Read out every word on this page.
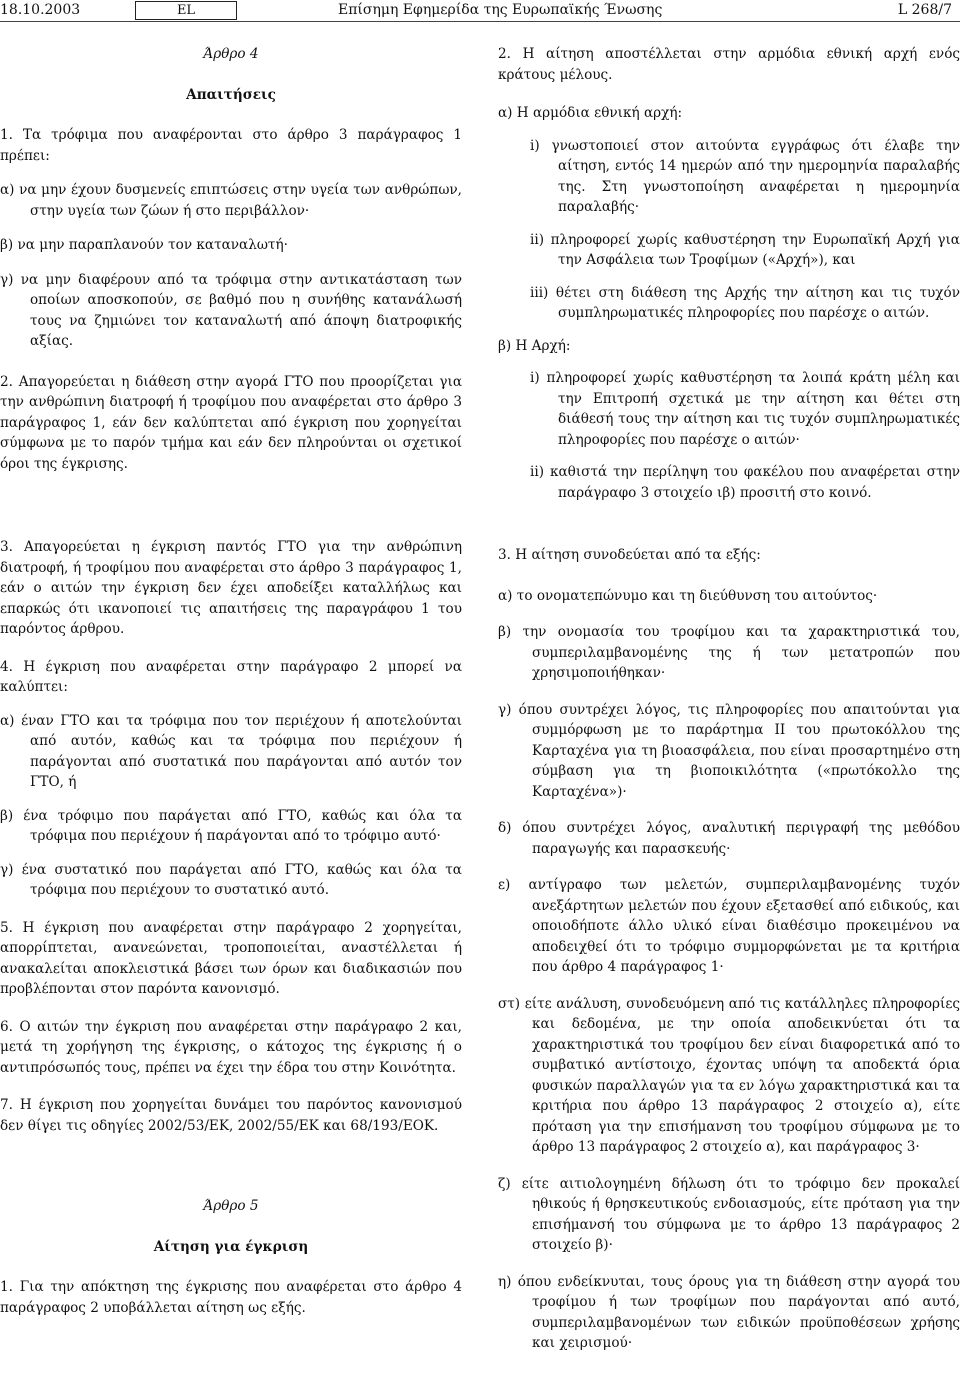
18.10.2003	EL	Επίσημη Εφημερίδα της Ευρωπαϊκής Ένωσης	L 268/7

Άρθρο 4

Απαιτήσεις

1. Τα τρόφιμα που αναφέρονται στο άρθρο 3 παράγραφος 1 πρέπει:

α) να μην έχουν δυσμενείς επιπτώσεις στην υγεία των ανθρώπων, στην υγεία των ζώων ή στο περιβάλλον·

β) να μην παραπλανούν τον καταναλωτή·

γ) να μην διαφέρουν από τα τρόφιμα στην αντικατάσταση των οποίων αποσκοπούν, σε βαθμό που η συνήθης κατανάλωσή τους να ζημιώνει τον καταναλωτή από άποψη διατροφικής αξίας.

2. Απαγορεύεται η διάθεση στην αγορά ΓΤΟ που προορίζεται για την ανθρώπινη διατροφή ή τροφίμου που αναφέρεται στο άρθρο 3 παράγραφος 1, εάν δεν καλύπτεται από έγκριση που χορηγείται σύμφωνα με το παρόν τμήμα και εάν δεν πληρούνται οι σχετικοί όροι της έγκρισης.

2. Η αίτηση αποστέλλεται στην αρμόδια εθνική αρχή ενός κράτους μέλους.

α) Η αρμόδια εθνική αρχή:

i) γνωστοποιεί στον αιτούντα εγγράφως ότι έλαβε την αίτηση, εντός 14 ημερών από την ημερομηνία παραλαβής της. Στη γνωστοποίηση αναφέρεται η ημερομηνία παραλαβής·

ii) πληροφορεί χωρίς καθυστέρηση την Ευρωπαϊκή Αρχή για την Ασφάλεια των Τροφίμων («Αρχή»), και

iii) θέτει στη διάθεση της Αρχής την αίτηση και τις τυχόν συμπληρωματικές πληροφορίες που παρέσχε ο αιτών.

β) Η Αρχή:

i) πληροφορεί χωρίς καθυστέρηση τα λοιπά κράτη μέλη και την Επιτροπή σχετικά με την αίτηση και θέτει στη διάθεσή τους την αίτηση και τις τυχόν συμπληρωματικές πληροφορίες που παρέσχε ο αιτών·

ii) καθιστά την περίληψη του φακέλου που αναφέρεται στην παράγραφο 3 στοιχείο ιβ) προσιτή στο κοινό.

3. Απαγορεύεται η έγκριση παντός ΓΤΟ για την ανθρώπινη διατροφή, ή τροφίμου που αναφέρεται στο άρθρο 3 παράγραφος 1, εάν ο αιτών την έγκριση δεν έχει αποδείξει καταλλήλως και επαρκώς ότι ικανοποιεί τις απαιτήσεις της παραγράφου 1 του παρόντος άρθρου.

4. Η έγκριση που αναφέρεται στην παράγραφο 2 μπορεί να καλύπτει:

α) έναν ΓΤΟ και τα τρόφιμα που τον περιέχουν ή αποτελούνται από αυτόν, καθώς και τα τρόφιμα που περιέχουν ή παράγονται από συστατικά που παράγονται από αυτόν τον ΓΤΟ, ή

β) ένα τρόφιμο που παράγεται από ΓΤΟ, καθώς και όλα τα τρόφιμα που περιέχουν ή παράγονται από το τρόφιμο αυτό·

γ) ένα συστατικό που παράγεται από ΓΤΟ, καθώς και όλα τα τρόφιμα που περιέχουν το συστατικό αυτό.

5. Η έγκριση που αναφέρεται στην παράγραφο 2 χορηγείται, απορρίπτεται, ανανεώνεται, τροποποιείται, αναστέλλεται ή ανακαλείται αποκλειστικά βάσει των όρων και διαδικασιών που προβλέπονται στον παρόντα κανονισμό.

6. Ο αιτών την έγκριση που αναφέρεται στην παράγραφο 2 και, μετά τη χορήγηση της έγκρισης, ο κάτοχος της έγκρισης ή ο αντιπρόσωπός τους, πρέπει να έχει την έδρα του στην Κοινότητα.

7. Η έγκριση που χορηγείται δυνάμει του παρόντος κανονισμού δεν θίγει τις οδηγίες 2002/53/ΕΚ, 2002/55/ΕΚ και 68/193/ΕΟΚ.

Άρθρο 5

Αίτηση για έγκριση

1. Για την απόκτηση της έγκρισης που αναφέρεται στο άρθρο 4 παράγραφος 2 υποβάλλεται αίτηση ως εξής.

3. Η αίτηση συνοδεύεται από τα εξής:

α) το ονοματεπώνυμο και τη διεύθυνση του αιτούντος·

β) την ονομασία του τροφίμου και τα χαρακτηριστικά του, συμπεριλαμβανομένης της ή των μετατροπών που χρησιμοποιήθηκαν·

γ) όπου συντρέχει λόγος, τις πληροφορίες που απαιτούνται για συμμόρφωση με το παράρτημα ΙΙ του πρωτοκόλλου της Καρταχένα για τη βιοασφάλεια, που είναι προσαρτημένο στη σύμβαση για τη βιοποικιλότητα («πρωτόκολλο της Καρταχένα»)·

δ) όπου συντρέχει λόγος, αναλυτική περιγραφή της μεθόδου παραγωγής και παρασκευής·

ε) αντίγραφο των μελετών, συμπεριλαμβανομένης τυχόν ανεξάρτητων μελετών που έχουν εξετασθεί από ειδικούς, και οποιοδήποτε άλλο υλικό είναι διαθέσιμο προκειμένου να αποδειχθεί ότι το τρόφιμο συμμορφώνεται με τα κριτήρια που άρθρο 4 παράγραφος 1·

στ) είτε ανάλυση, συνοδευόμενη από τις κατάλληλες πληροφορίες και δεδομένα, με την οποία αποδεικνύεται ότι τα χαρακτηριστικά του τροφίμου δεν είναι διαφορετικά από το συμβατικό αντίστοιχο, έχοντας υπόψη τα αποδεκτά όρια φυσικών παραλλαγών για τα εν λόγω χαρακτηριστικά και τα κριτήρια που άρθρο 13 παράγραφος 2 στοιχείο α), είτε πρόταση για την επισήμανση του τροφίμου σύμφωνα με το άρθρο 13 παράγραφος 2 στοιχείο α), και παράγραφος 3·

ζ) είτε αιτιολογημένη δήλωση ότι το τρόφιμο δεν προκαλεί ηθικούς ή θρησκευτικούς ενδοιασμούς, είτε πρόταση για την επισήμανσή του σύμφωνα με το άρθρο 13 παράγραφος 2 στοιχείο β)·

η) όπου ενδείκνυται, τους όρους για τη διάθεση στην αγορά του τροφίμου ή των τροφίμων που παράγονται από αυτό, συμπεριλαμβανομένων των ειδικών προϋποθέσεων χρήσης και χειρισμού·
